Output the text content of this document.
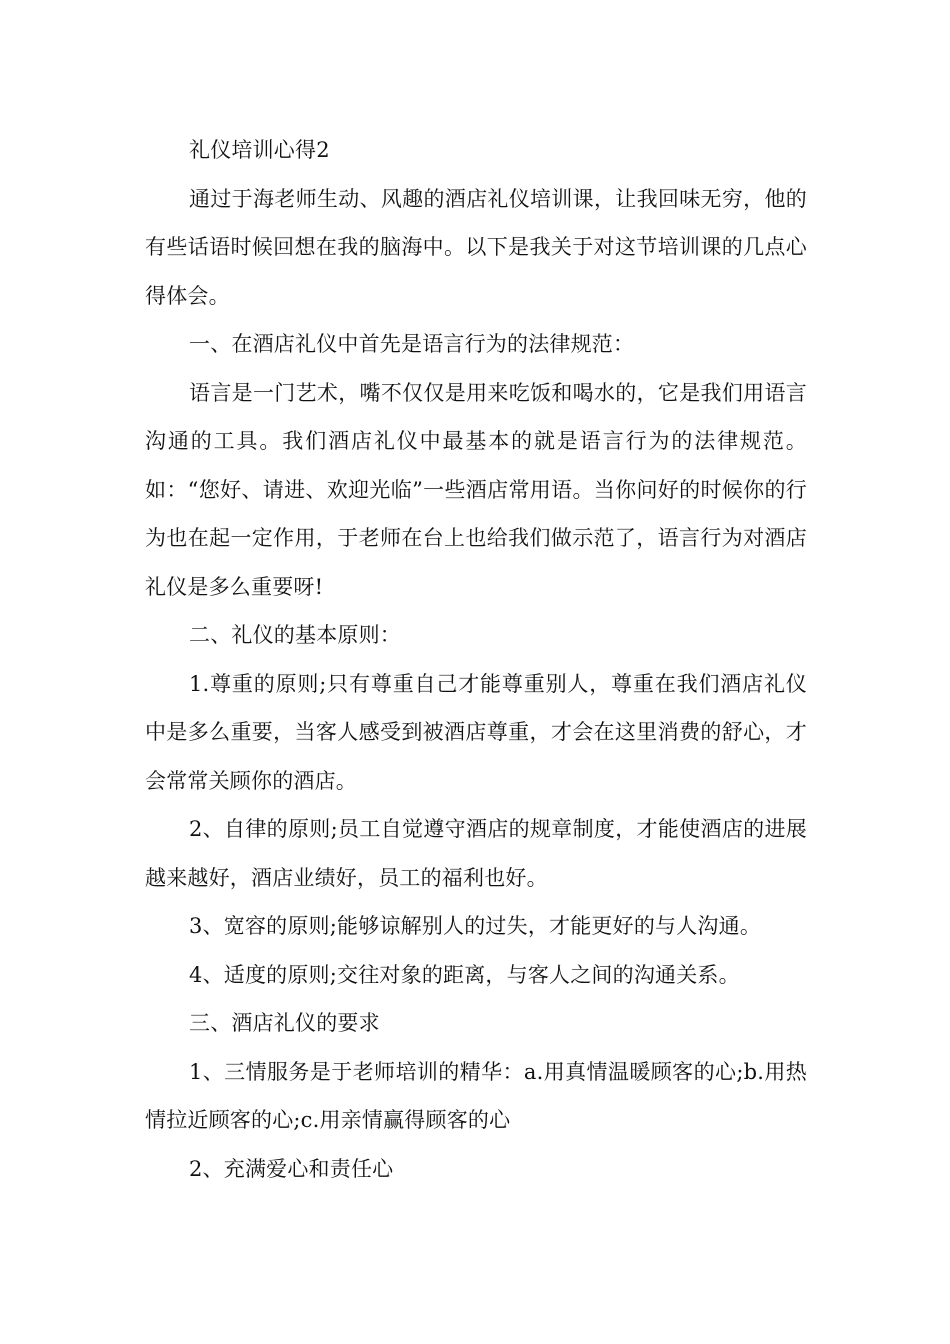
礼仪培训心得2

通过于海老师生动、风趣的酒店礼仪培训课，让我回味无穷，他的有些话语时候回想在我的脑海中。以下是我关于对这节培训课的几点心得体会。

一、在酒店礼仪中首先是语言行为的法律规范：

语言是一门艺术，嘴不仅仅是用来吃饭和喝水的，它是我们用语言沟通的工具。我们酒店礼仪中最基本的就是语言行为的法律规范。如：“您好、请进、欢迎光临”一些酒店常用语。当你问好的时候你的行为也在起一定作用，于老师在台上也给我们做示范了，语言行为对酒店礼仪是多么重要呀!

二、礼仪的基本原则：

1.尊重的原则;只有尊重自己才能尊重别人，尊重在我们酒店礼仪中是多么重要，当客人感受到被酒店尊重，才会在这里消费的舒心，才会常常关顾你的酒店。

2、自律的原则;员工自觉遵守酒店的规章制度，才能使酒店的进展越来越好，酒店业绩好，员工的福利也好。

3、宽容的原则;能够谅解别人的过失，才能更好的与人沟通。

4、适度的原则;交往对象的距离，与客人之间的沟通关系。

三、酒店礼仪的要求

1、三情服务是于老师培训的精华：a.用真情温暖顾客的心;b.用热情拉近顾客的心;c.用亲情赢得顾客的心

2、充满爱心和责任心
